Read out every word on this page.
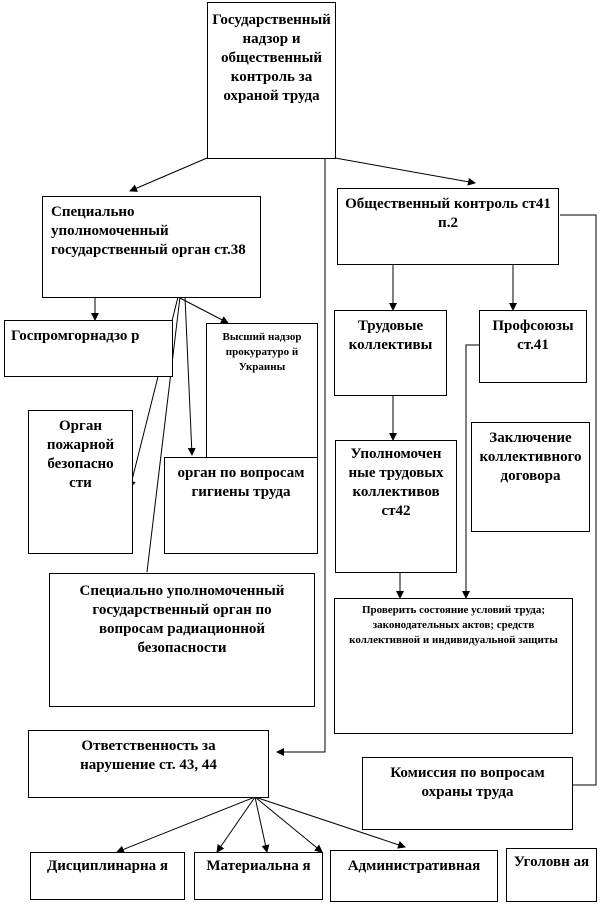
Государственный надзор и общественный контроль за охраной труда
Специально уполномоченный государственный орган ст.38
Общественный контроль ст41 п.2
Госпромгорнадзо р	Высший надзор прокуратуро й Украины
Орган пожарной безопасно сти
орган по вопросам гигиены труда
Специально уполномоченный государственный орган по вопросам радиационной безопасности
Трудовые коллективы
Профсоюзы ст.41
Уполномочен ные трудовых коллективов ст42
Заключение коллективного договора
Проверить состояние условий труда; законодательных актов; средств коллективной и индивидуальной защиты
Комиссия по вопросам охраны труда
Ответственность за нарушение ст. 43, 44
Дисциплинарна я	Материальна я	Административная	Уголовн ая
